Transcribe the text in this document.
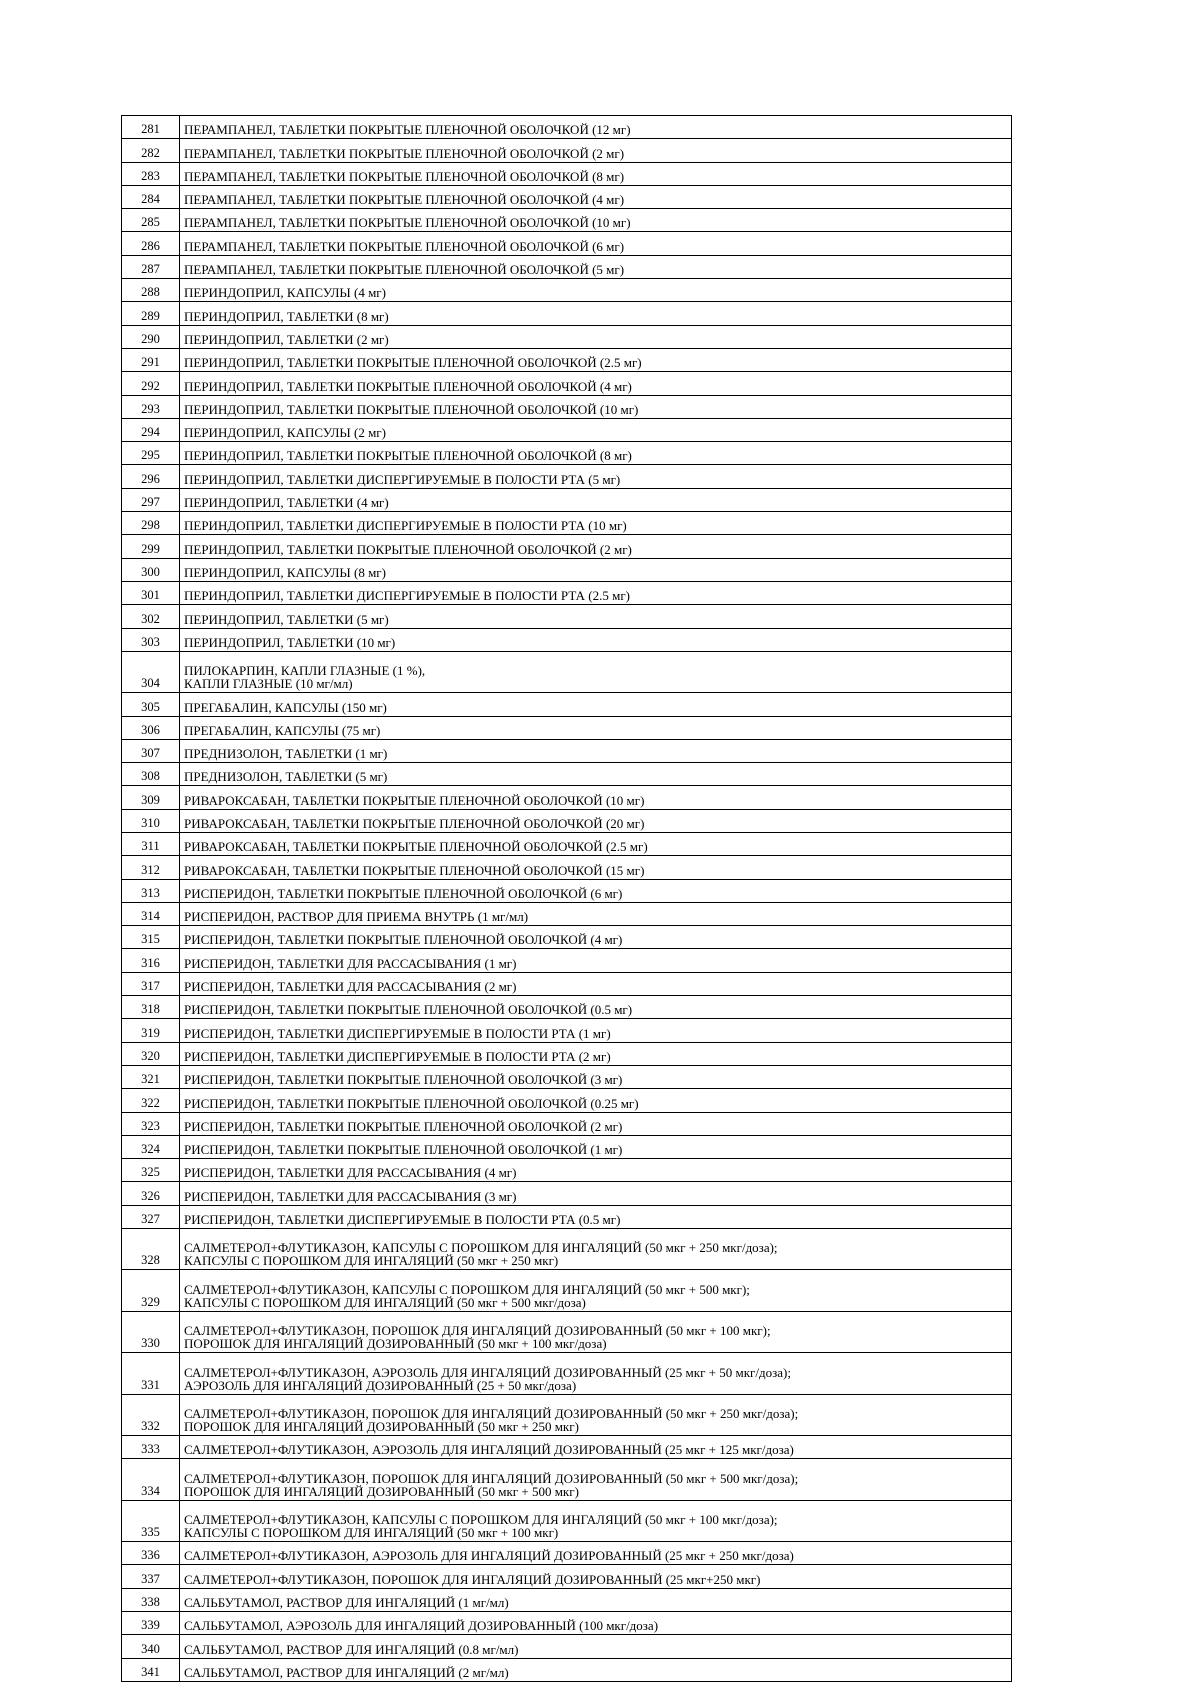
281	ПЕРАМПАНЕЛ, ТАБЛЕТКИ ПОКРЫТЫЕ ПЛЕНОЧНОЙ ОБОЛОЧКОЙ (12 мг)

282	ПЕРАМПАНЕЛ, ТАБЛЕТКИ ПОКРЫТЫЕ ПЛЕНОЧНОЙ ОБОЛОЧКОЙ (2 мг)

283	ПЕРАМПАНЕЛ, ТАБЛЕТКИ ПОКРЫТЫЕ ПЛЕНОЧНОЙ ОБОЛОЧКОЙ (8 мг)

284	ПЕРАМПАНЕЛ, ТАБЛЕТКИ ПОКРЫТЫЕ ПЛЕНОЧНОЙ ОБОЛОЧКОЙ (4 мг)

285	ПЕРАМПАНЕЛ, ТАБЛЕТКИ ПОКРЫТЫЕ ПЛЕНОЧНОЙ ОБОЛОЧКОЙ (10 мг)

286	ПЕРАМПАНЕЛ, ТАБЛЕТКИ ПОКРЫТЫЕ ПЛЕНОЧНОЙ ОБОЛОЧКОЙ (6 мг)

287	ПЕРАМПАНЕЛ, ТАБЛЕТКИ ПОКРЫТЫЕ ПЛЕНОЧНОЙ ОБОЛОЧКОЙ (5 мг)

288	ПЕРИНДОПРИЛ, КАПСУЛЫ (4 мг)

289	ПЕРИНДОПРИЛ, ТАБЛЕТКИ (8 мг)

290	ПЕРИНДОПРИЛ, ТАБЛЕТКИ (2 мг)

291	ПЕРИНДОПРИЛ, ТАБЛЕТКИ ПОКРЫТЫЕ ПЛЕНОЧНОЙ ОБОЛОЧКОЙ (2.5 мг)

292	ПЕРИНДОПРИЛ, ТАБЛЕТКИ ПОКРЫТЫЕ ПЛЕНОЧНОЙ ОБОЛОЧКОЙ (4 мг)

293	ПЕРИНДОПРИЛ, ТАБЛЕТКИ ПОКРЫТЫЕ ПЛЕНОЧНОЙ ОБОЛОЧКОЙ (10 мг)

294	ПЕРИНДОПРИЛ, КАПСУЛЫ (2 мг)

295	ПЕРИНДОПРИЛ, ТАБЛЕТКИ ПОКРЫТЫЕ ПЛЕНОЧНОЙ ОБОЛОЧКОЙ (8 мг)

296	ПЕРИНДОПРИЛ, ТАБЛЕТКИ ДИСПЕРГИРУЕМЫЕ В ПОЛОСТИ РТА (5 мг)

297	ПЕРИНДОПРИЛ, ТАБЛЕТКИ (4 мг)

298	ПЕРИНДОПРИЛ, ТАБЛЕТКИ ДИСПЕРГИРУЕМЫЕ В ПОЛОСТИ РТА (10 мг)

299	ПЕРИНДОПРИЛ, ТАБЛЕТКИ ПОКРЫТЫЕ ПЛЕНОЧНОЙ ОБОЛОЧКОЙ (2 мг)

300	ПЕРИНДОПРИЛ, КАПСУЛЫ (8 мг)

301	ПЕРИНДОПРИЛ, ТАБЛЕТКИ ДИСПЕРГИРУЕМЫЕ В ПОЛОСТИ РТА (2.5 мг)

302	ПЕРИНДОПРИЛ, ТАБЛЕТКИ (5 мг)

303	ПЕРИНДОПРИЛ, ТАБЛЕТКИ (10 мг)

304	ПИЛОКАРПИН, КАПЛИ ГЛАЗНЫЕ (1 %),
КАПЛИ ГЛАЗНЫЕ (10 мг/мл)

305	ПРЕГАБАЛИН, КАПСУЛЫ (150 мг)

306	ПРЕГАБАЛИН, КАПСУЛЫ (75 мг)

307	ПРЕДНИЗОЛОН, ТАБЛЕТКИ (1 мг)

308	ПРЕДНИЗОЛОН, ТАБЛЕТКИ (5 мг)

309	РИВАРОКСАБАН, ТАБЛЕТКИ ПОКРЫТЫЕ ПЛЕНОЧНОЙ ОБОЛОЧКОЙ (10 мг)

310	РИВАРОКСАБАН, ТАБЛЕТКИ ПОКРЫТЫЕ ПЛЕНОЧНОЙ ОБОЛОЧКОЙ (20 мг)

311	РИВАРОКСАБАН, ТАБЛЕТКИ ПОКРЫТЫЕ ПЛЕНОЧНОЙ ОБОЛОЧКОЙ (2.5 мг)

312	РИВАРОКСАБАН, ТАБЛЕТКИ ПОКРЫТЫЕ ПЛЕНОЧНОЙ ОБОЛОЧКОЙ (15 мг)

313	РИСПЕРИДОН, ТАБЛЕТКИ ПОКРЫТЫЕ ПЛЕНОЧНОЙ ОБОЛОЧКОЙ (6 мг)

314	РИСПЕРИДОН, РАСТВОР ДЛЯ ПРИЕМА ВНУТРЬ (1 мг/мл)

315	РИСПЕРИДОН, ТАБЛЕТКИ ПОКРЫТЫЕ ПЛЕНОЧНОЙ ОБОЛОЧКОЙ (4 мг)

316	РИСПЕРИДОН, ТАБЛЕТКИ ДЛЯ РАССАСЫВАНИЯ (1 мг)

317	РИСПЕРИДОН, ТАБЛЕТКИ ДЛЯ РАССАСЫВАНИЯ (2 мг)

318	РИСПЕРИДОН, ТАБЛЕТКИ ПОКРЫТЫЕ ПЛЕНОЧНОЙ ОБОЛОЧКОЙ (0.5 мг)

319	РИСПЕРИДОН, ТАБЛЕТКИ ДИСПЕРГИРУЕМЫЕ В ПОЛОСТИ РТА (1 мг)

320	РИСПЕРИДОН, ТАБЛЕТКИ ДИСПЕРГИРУЕМЫЕ В ПОЛОСТИ РТА (2 мг)

321	РИСПЕРИДОН, ТАБЛЕТКИ ПОКРЫТЫЕ ПЛЕНОЧНОЙ ОБОЛОЧКОЙ (3 мг)

322	РИСПЕРИДОН, ТАБЛЕТКИ ПОКРЫТЫЕ ПЛЕНОЧНОЙ ОБОЛОЧКОЙ (0.25 мг)

323	РИСПЕРИДОН, ТАБЛЕТКИ ПОКРЫТЫЕ ПЛЕНОЧНОЙ ОБОЛОЧКОЙ (2 мг)

324	РИСПЕРИДОН, ТАБЛЕТКИ ПОКРЫТЫЕ ПЛЕНОЧНОЙ ОБОЛОЧКОЙ (1 мг)

325	РИСПЕРИДОН, ТАБЛЕТКИ ДЛЯ РАССАСЫВАНИЯ (4 мг)

326	РИСПЕРИДОН, ТАБЛЕТКИ ДЛЯ РАССАСЫВАНИЯ (3 мг)

327	РИСПЕРИДОН, ТАБЛЕТКИ ДИСПЕРГИРУЕМЫЕ В ПОЛОСТИ РТА (0.5 мг)

328	САЛМЕТЕРОЛ+ФЛУТИКАЗОН, КАПСУЛЫ С ПОРОШКОМ ДЛЯ ИНГАЛЯЦИЙ (50 мкг + 250 мкг/доза);
КАПСУЛЫ С ПОРОШКОМ ДЛЯ ИНГАЛЯЦИЙ (50 мкг + 250 мкг)

329	САЛМЕТЕРОЛ+ФЛУТИКАЗОН, КАПСУЛЫ С ПОРОШКОМ ДЛЯ ИНГАЛЯЦИЙ (50 мкг + 500 мкг);
КАПСУЛЫ С ПОРОШКОМ ДЛЯ ИНГАЛЯЦИЙ (50 мкг + 500 мкг/доза)

330	САЛМЕТЕРОЛ+ФЛУТИКАЗОН, ПОРОШОК ДЛЯ ИНГАЛЯЦИЙ ДОЗИРОВАННЫЙ (50 мкг + 100 мкг);
ПОРОШОК ДЛЯ ИНГАЛЯЦИЙ ДОЗИРОВАННЫЙ (50 мкг + 100 мкг/доза)

331	САЛМЕТЕРОЛ+ФЛУТИКАЗОН, АЭРОЗОЛЬ ДЛЯ ИНГАЛЯЦИЙ ДОЗИРОВАННЫЙ (25 мкг + 50 мкг/доза);
АЭРОЗОЛЬ ДЛЯ ИНГАЛЯЦИЙ ДОЗИРОВАННЫЙ (25 + 50 мкг/доза)

332	САЛМЕТЕРОЛ+ФЛУТИКАЗОН, ПОРОШОК ДЛЯ ИНГАЛЯЦИЙ ДОЗИРОВАННЫЙ (50 мкг + 250 мкг/доза);
ПОРОШОК ДЛЯ ИНГАЛЯЦИЙ ДОЗИРОВАННЫЙ (50 мкг + 250 мкг)

333	САЛМЕТЕРОЛ+ФЛУТИКАЗОН, АЭРОЗОЛЬ ДЛЯ ИНГАЛЯЦИЙ ДОЗИРОВАННЫЙ (25 мкг + 125 мкг/доза)

334	САЛМЕТЕРОЛ+ФЛУТИКАЗОН, ПОРОШОК ДЛЯ ИНГАЛЯЦИЙ ДОЗИРОВАННЫЙ (50 мкг + 500 мкг/доза);
ПОРОШОК ДЛЯ ИНГАЛЯЦИЙ ДОЗИРОВАННЫЙ (50 мкг + 500 мкг)

335	САЛМЕТЕРОЛ+ФЛУТИКАЗОН, КАПСУЛЫ С ПОРОШКОМ ДЛЯ ИНГАЛЯЦИЙ (50 мкг + 100 мкг/доза);
КАПСУЛЫ С ПОРОШКОМ ДЛЯ ИНГАЛЯЦИЙ (50 мкг + 100 мкг)

336	САЛМЕТЕРОЛ+ФЛУТИКАЗОН, АЭРОЗОЛЬ ДЛЯ ИНГАЛЯЦИЙ ДОЗИРОВАННЫЙ (25 мкг + 250 мкг/доза)

337	САЛМЕТЕРОЛ+ФЛУТИКАЗОН, ПОРОШОК ДЛЯ ИНГАЛЯЦИЙ ДОЗИРОВАННЫЙ (25 мкг+250 мкг)

338	САЛЬБУТАМОЛ, РАСТВОР ДЛЯ ИНГАЛЯЦИЙ (1 мг/мл)

339	САЛЬБУТАМОЛ, АЭРОЗОЛЬ ДЛЯ ИНГАЛЯЦИЙ ДОЗИРОВАННЫЙ (100 мкг/доза)

340	САЛЬБУТАМОЛ, РАСТВОР ДЛЯ ИНГАЛЯЦИЙ (0.8 мг/мл)

341	САЛЬБУТАМОЛ, РАСТВОР ДЛЯ ИНГАЛЯЦИЙ (2 мг/мл)
